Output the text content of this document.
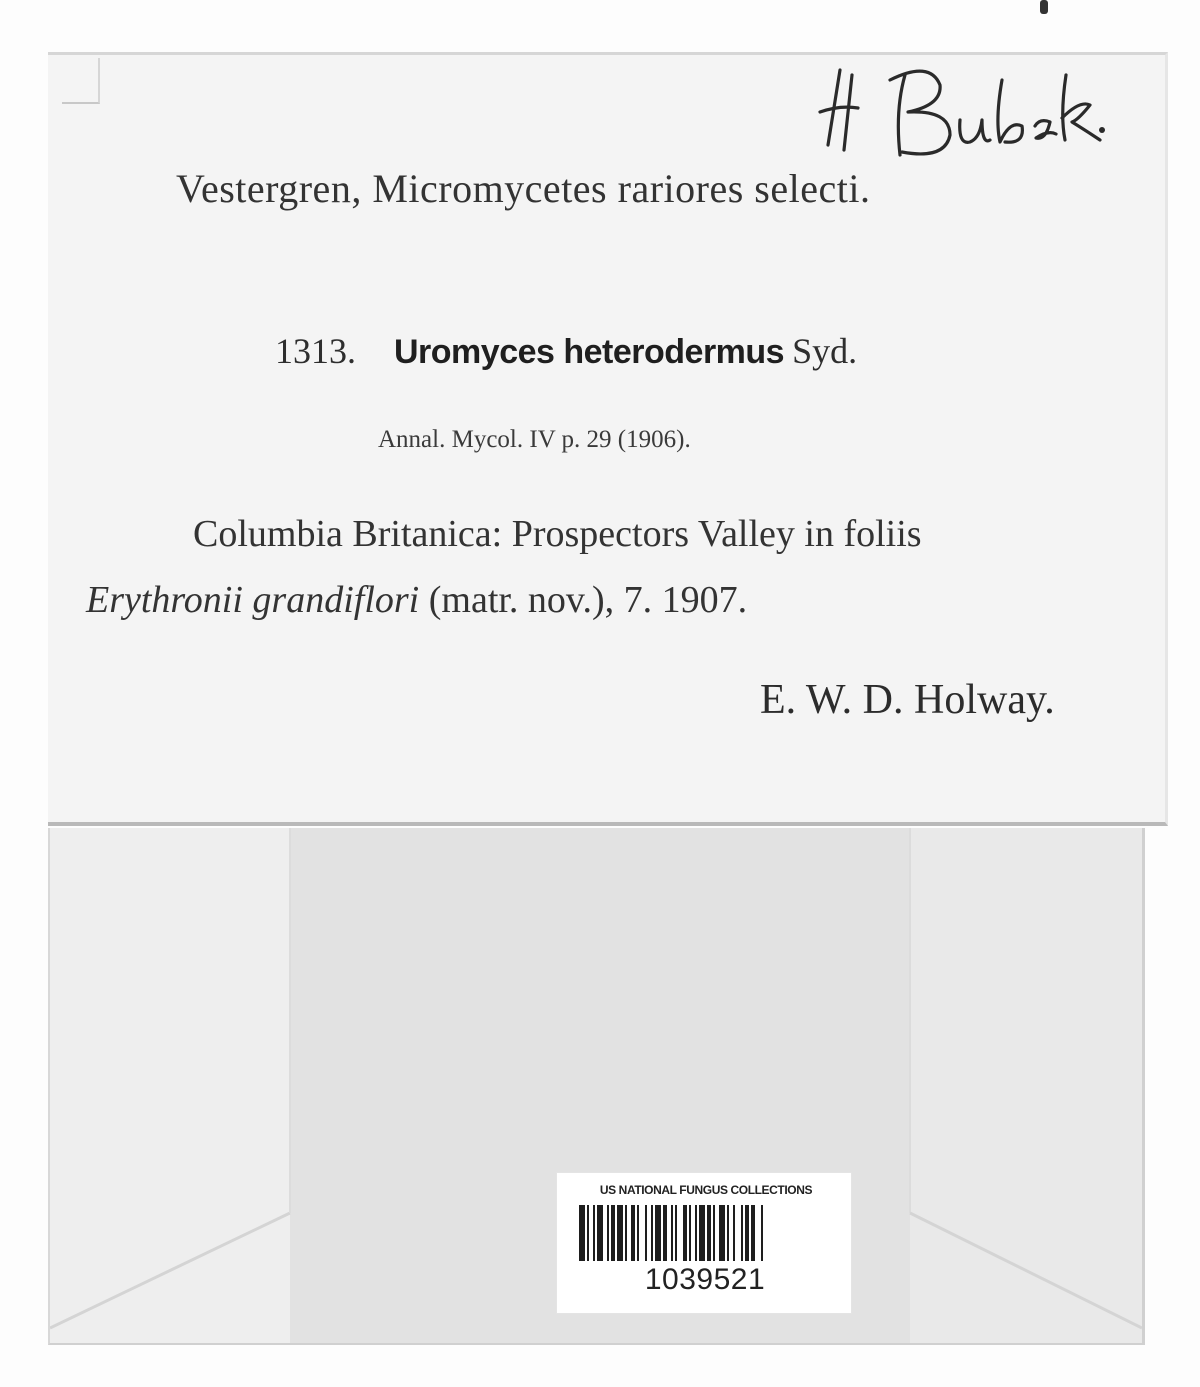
Vestergren, Micromycetes rariores selecti.
1313. Uromyces heterodermus Syd.
Annal. Mycol. IV p. 29 (1906).
Columbia Britanica: Prospectors Valley in foliis
Erythronii grandiflori (matr. nov.), 7. 1907.
E. W. D. Holway.
US NATIONAL FUNGUS COLLECTIONS
1039521
